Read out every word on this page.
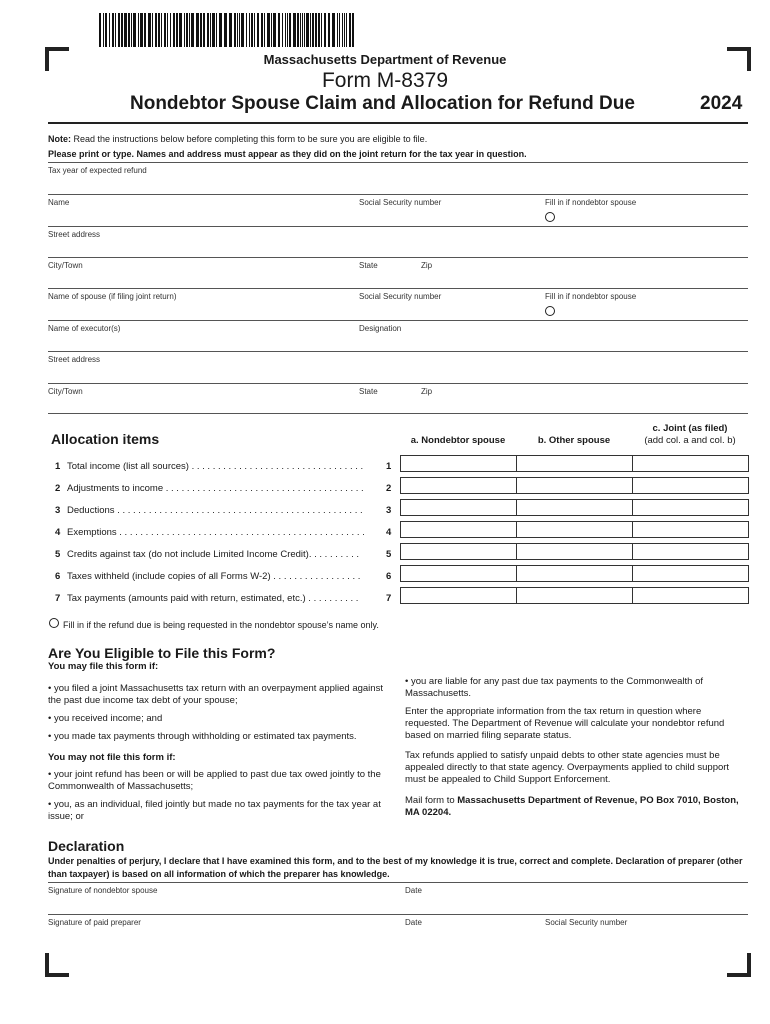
Massachusetts Department of Revenue
Form M-8379
Nondebtor Spouse Claim and Allocation for Refund Due	2024
Note: Read the instructions below before completing this form to be sure you are eligible to file.
Please print or type. Names and address must appear as they did on the joint return for the tax year in question.
Tax year of expected refund
Name	Social Security number	Fill in if nondebtor spouse
Street address
City/Town	State	Zip
Name of spouse (if filing joint return)	Social Security number	Fill in if nondebtor spouse
Name of executor(s)	Designation
Street address
City/Town	State	Zip
Allocation items	a. Nondebtor spouse	b. Other spouse
c. Joint (as filed)
(add col. a and col. b)
1 Total income (list all sources) . . . . . . . . . . . . . . . . . . . . . . . . . . . . . . . . .	1
2 Adjustments to income . . . . . . . . . . . . . . . . . . . . . . . . . . . . . . . . . . . . . .	2
3 Deductions . . . . . . . . . . . . . . . . . . . . . . . . . . . . . . . . . . . . . . . . . . . . . . .	3
4 Exemptions . . . . . . . . . . . . . . . . . . . . . . . . . . . . . . . . . . . . . . . . . . . . . . .	4
5 Credits against tax (do not include Limited Income Credit). . . . . . . . . .	5
6 Taxes withheld (include copies of all Forms W-2) . . . . . . . . . . . . . . . . .	6
7 Tax payments (amounts paid with return, estimated, etc.) . . . . . . . . . .	7
Fill in if the refund due is being requested in the nondebtor spouse’s name only.
Are You Eligible to File this Form?
You may file this form if:
• you filed a joint Massachusetts tax return with an overpayment applied against the past due income tax debt of your spouse;
• you received income; and
• you made tax payments through withholding or estimated tax payments.
You may not file this form if:
• your joint refund has been or will be applied to past due tax owed jointly to the Commonwealth of Massachusetts;
• you, as an individual, filed jointly but made no tax payments for the tax year at issue; or
• you are liable for any past due tax payments to the Commonwealth of Massachusetts.
Enter the appropriate information from the tax return in question where requested. The Department of Revenue will calculate your nondebtor refund based on married filing separate status.
Tax refunds applied to satisfy unpaid debts to other state agencies must be appealed directly to that state agency. Overpayments applied to child support must be appealed to Child Support Enforcement.
Mail form to Massachusetts Department of Revenue, PO Box 7010, Boston, MA 02204.
Declaration
Under penalties of perjury, I declare that I have examined this form, and to the best of my knowledge it is true, correct and complete. Declaration of preparer (other than taxpayer) is based on all information of which the preparer has knowledge.
Signature of nondebtor spouse	Date
Signature of paid preparer	Date	Social Security number
